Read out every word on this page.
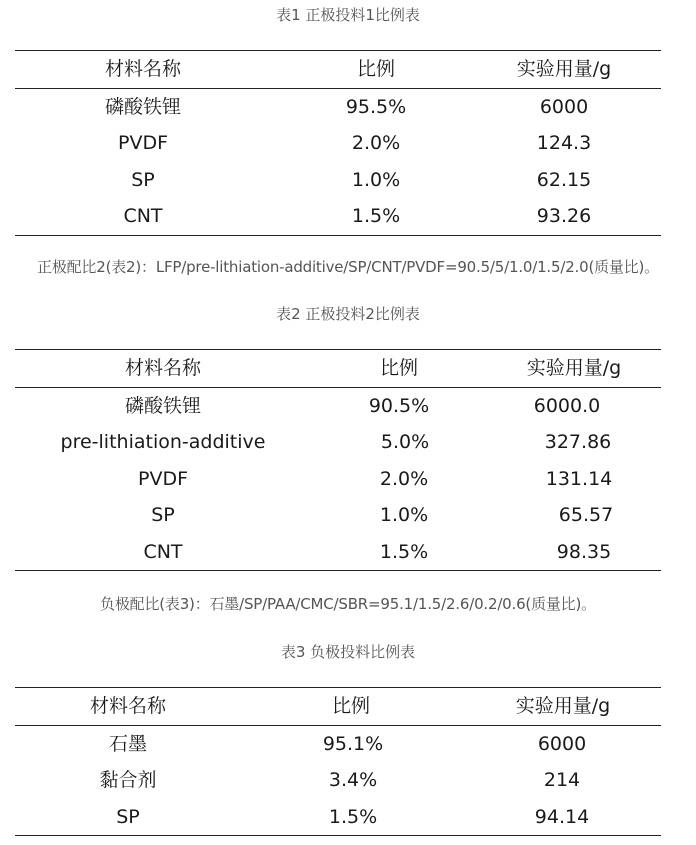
表1 正极投料1比例表
材料名称	比例	实验用量/g
磷酸铁锂	95.5%	6000
PVDF	2.0%	124.3
SP	1.0%	62.15
CNT	1.5%	93.26
正极配比2(表2)：LFP/pre-lithiation-additive/SP/CNT/PVDF=90.5/5/1.0/1.5/2.0(质量比)。
表2 正极投料2比例表
材料名称	比例	实验用量/g
磷酸铁锂	90.5%	6000.0
pre-lithiation-additive	5.0%	327.86
PVDF	2.0%	131.14
SP	1.0%	65.57
CNT	1.5%	98.35
负极配比(表3)：石墨/SP/PAA/CMC/SBR=95.1/1.5/2.6/0.2/0.6(质量比)。
表3 负极投料比例表
材料名称	比例	实验用量/g
石墨	95.1%	6000
黏合剂	3.4%	214
SP	1.5%	94.14
